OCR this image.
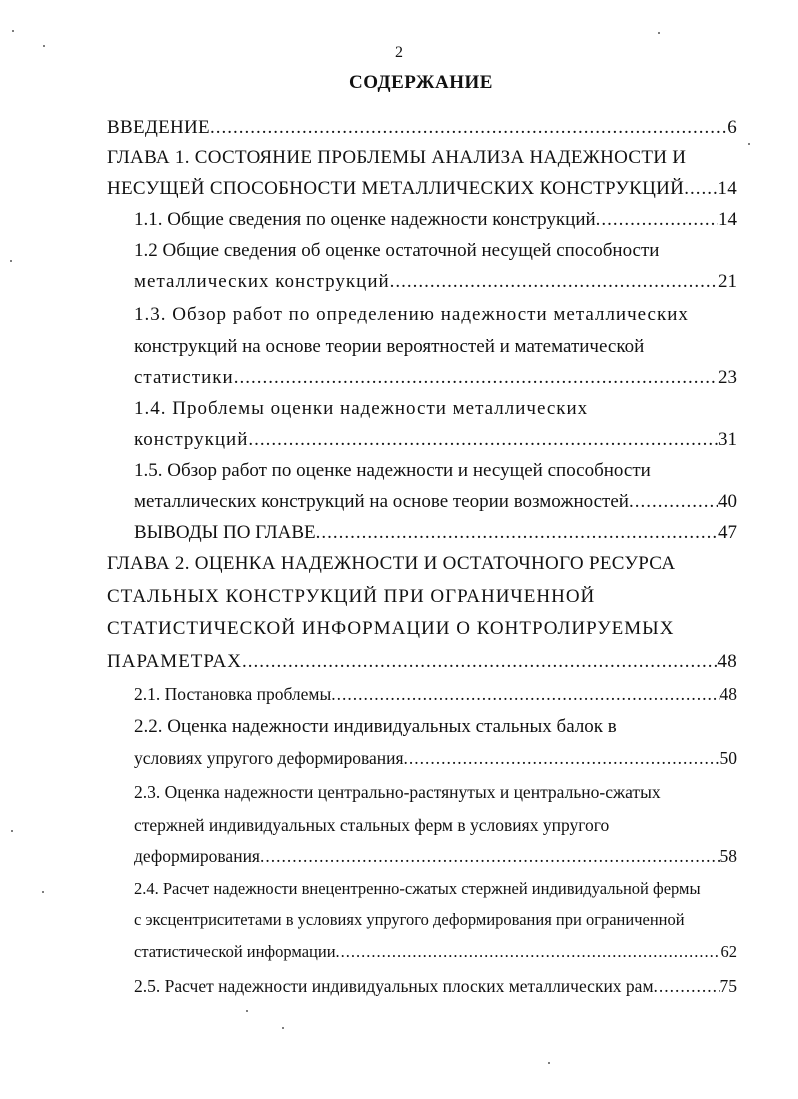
2
СОДЕРЖАНИЕ
ВВЕДЕНИЕ .....	6
ГЛАВА 1. СОСТОЯНИЕ ПРОБЛЕМЫ АНАЛИЗА НАДЕЖНОСТИ И
НЕСУЩЕЙ СПОСОБНОСТИ МЕТАЛЛИЧЕСКИХ КОНСТРУКЦИЙ ..... 14
1.1. Общие сведения по оценке надежности конструкций .....	14
1.2 Общие сведения об оценке остаточной несущей способности
металлических конструкций .....	21
1.3. Обзор работ по определению надежности металлических
конструкций на основе теории вероятностей и математической
статистики .....	23
1.4. Проблемы оценки надежности металлических
конструкций .....	31
1.5. Обзор работ по оценке надежности и несущей способности
металлических конструкций на основе теории возможностей .....	40
ВЫВОДЫ ПО ГЛАВЕ .....	47
ГЛАВА 2. ОЦЕНКА НАДЕЖНОСТИ И ОСТАТОЧНОГО РЕСУРСА
СТАЛЬНЫХ КОНСТРУКЦИЙ ПРИ ОГРАНИЧЕННОЙ
СТАТИСТИЧЕСКОЙ ИНФОРМАЦИИ О КОНТРОЛИРУЕМЫХ
ПАРАМЕТРАХ .....	48
2.1. Постановка проблемы .....	48
2.2. Оценка надежности индивидуальных стальных балок в
условиях упругого деформирования .....	50
2.3. Оценка надежности центрально-растянутых и центрально-сжатых
стержней индивидуальных стальных ферм в условиях упругого
деформирования .....	58
2.4. Расчет надежности внецентренно-сжатых стержней индивидуальной фермы
с эксцентриситетами в условиях упругого деформирования при ограниченной
статистической информации .....	62
2.5. Расчет надежности индивидуальных плоских металлических рам .....	75
